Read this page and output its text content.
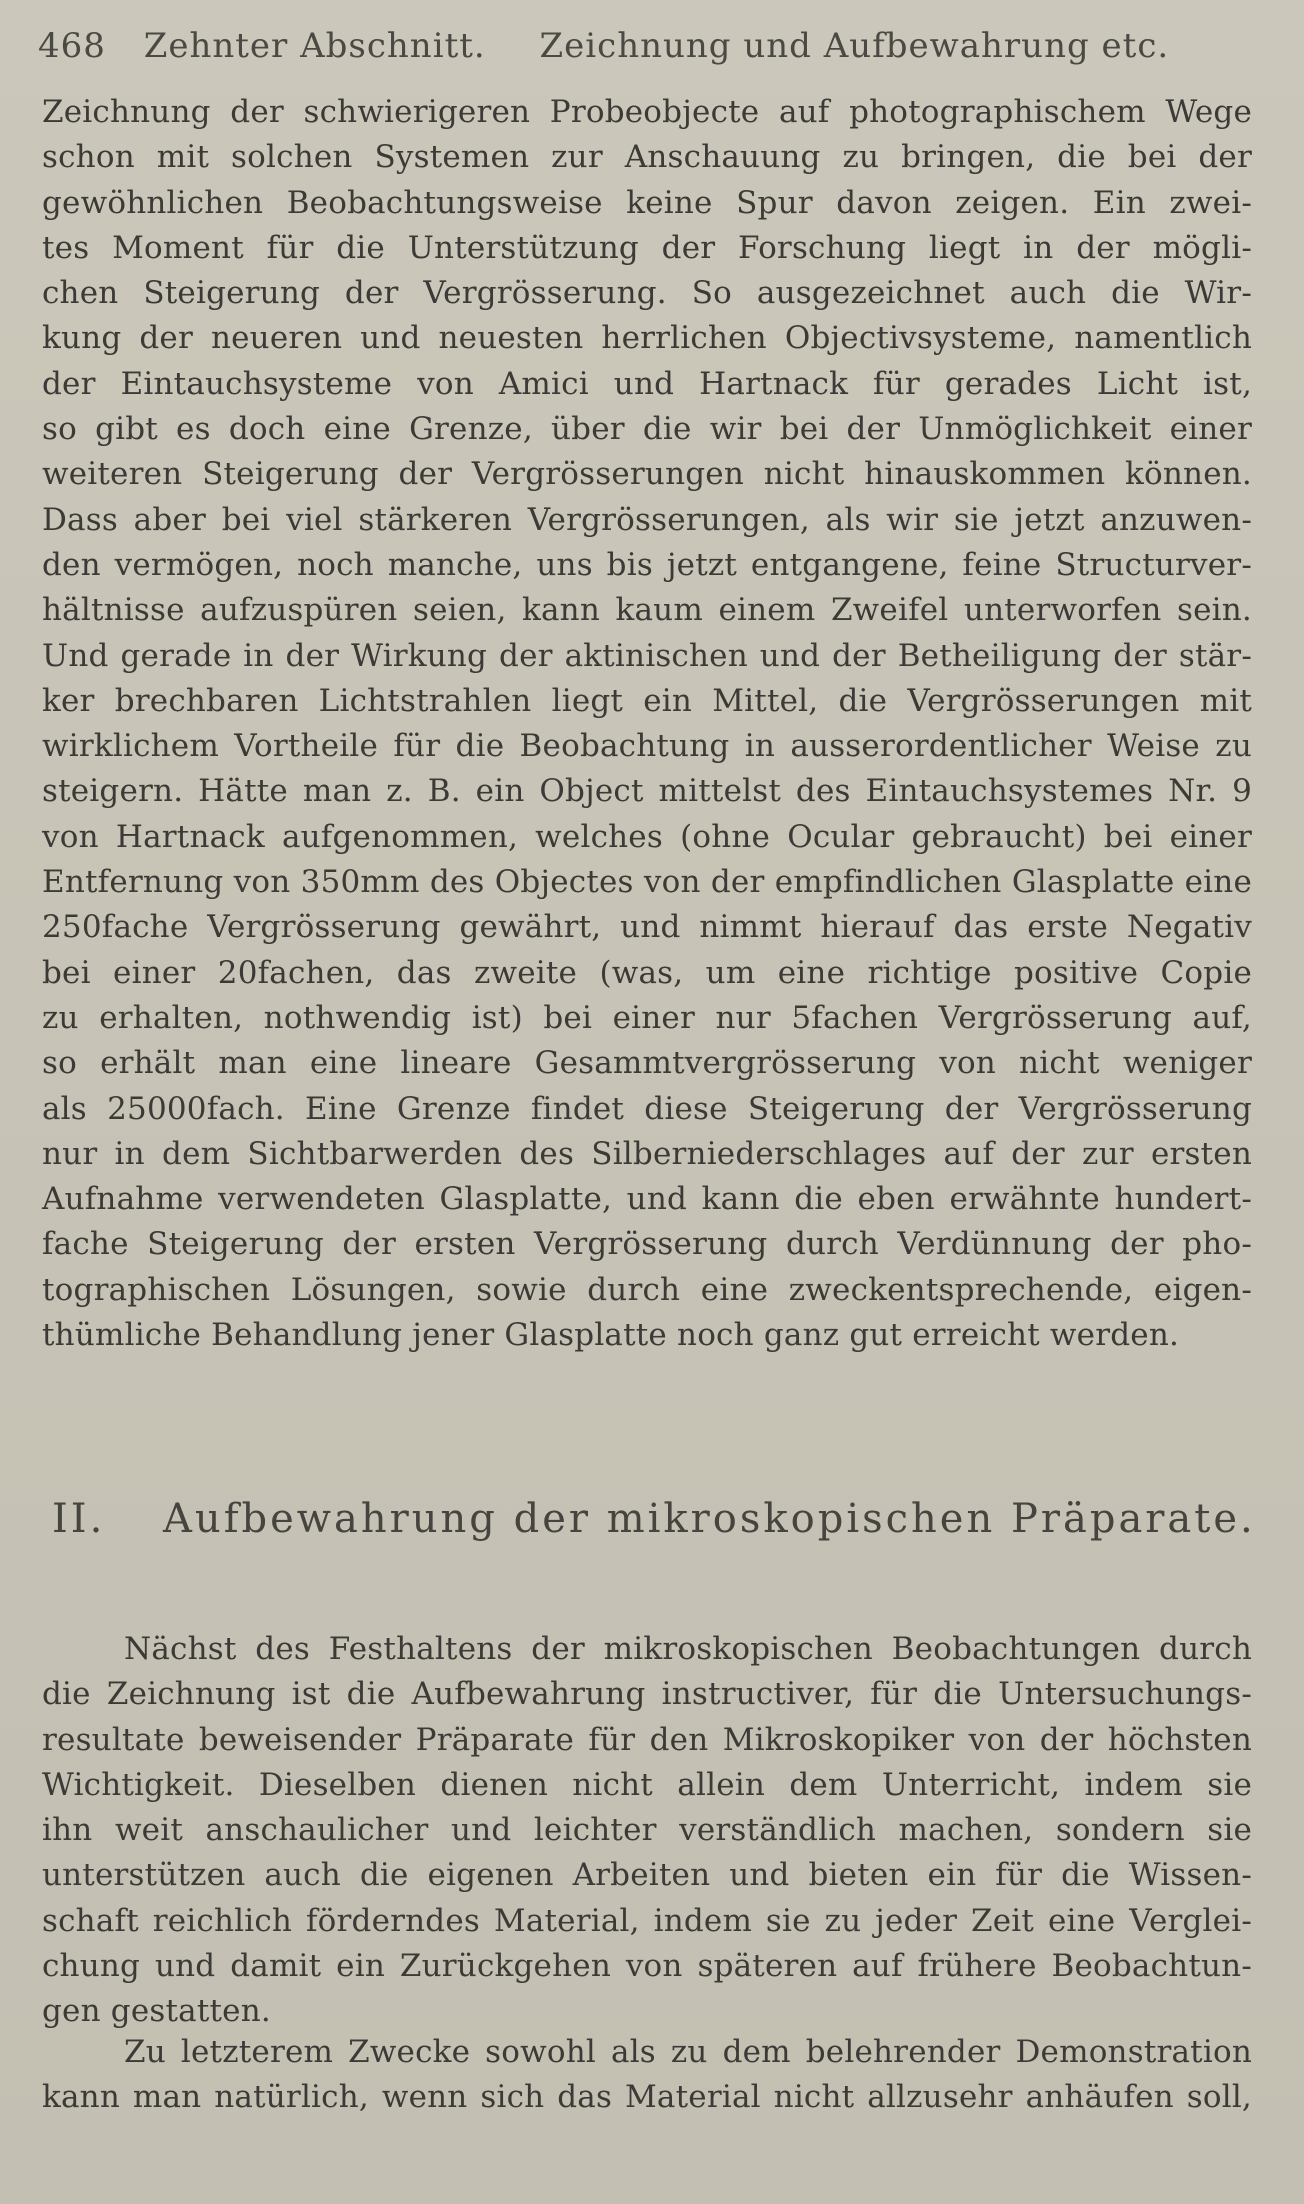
468 Zehnter Abschnitt. Zeichnung und Aufbewahrung etc.
Zeichnung der schwierigeren Probeobjecte auf photographischem Wege
schon mit solchen Systemen zur Anschauung zu bringen, die bei der
gewöhnlichen Beobachtungsweise keine Spur davon zeigen. Ein zwei-
tes Moment für die Unterstützung der Forschung liegt in der mögli-
chen Steigerung der Vergrösserung. So ausgezeichnet auch die Wir-
kung der neueren und neuesten herrlichen Objectivsysteme, namentlich
der Eintauchsysteme von Amici und Hartnack für gerades Licht ist,
so gibt es doch eine Grenze, über die wir bei der Unmöglichkeit einer
weiteren Steigerung der Vergrösserungen nicht hinauskommen können.
Dass aber bei viel stärkeren Vergrösserungen, als wir sie jetzt anzuwen-
den vermögen, noch manche, uns bis jetzt entgangene, feine Structurver-
hältnisse aufzuspüren seien, kann kaum einem Zweifel unterworfen sein.
Und gerade in der Wirkung der aktinischen und der Betheiligung der stär-
ker brechbaren Lichtstrahlen liegt ein Mittel, die Vergrösserungen mit
wirklichem Vortheile für die Beobachtung in ausserordentlicher Weise zu
steigern. Hätte man z. B. ein Object mittelst des Eintauchsystemes Nr. 9
von Hartnack aufgenommen, welches (ohne Ocular gebraucht) bei einer
Entfernung von 350mm des Objectes von der empfindlichen Glasplatte eine
250fache Vergrösserung gewährt, und nimmt hierauf das erste Negativ
bei einer 20fachen, das zweite (was, um eine richtige positive Copie
zu erhalten, nothwendig ist) bei einer nur 5fachen Vergrösserung auf,
so erhält man eine lineare Gesammtvergrösserung von nicht weniger
als 25000fach. Eine Grenze findet diese Steigerung der Vergrösserung
nur in dem Sichtbarwerden des Silberniederschlages auf der zur ersten
Aufnahme verwendeten Glasplatte, und kann die eben erwähnte hundert-
fache Steigerung der ersten Vergrösserung durch Verdünnung der pho-
tographischen Lösungen, sowie durch eine zweckentsprechende, eigen-
thümliche Behandlung jener Glasplatte noch ganz gut erreicht werden.
II. Aufbewahrung der mikroskopischen Präparate.
Nächst des Festhaltens der mikroskopischen Beobachtungen durch
die Zeichnung ist die Aufbewahrung instructiver, für die Untersuchungs-
resultate beweisender Präparate für den Mikroskopiker von der höchsten
Wichtigkeit. Dieselben dienen nicht allein dem Unterricht, indem sie
ihn weit anschaulicher und leichter verständlich machen, sondern sie
unterstützen auch die eigenen Arbeiten und bieten ein für die Wissen-
schaft reichlich förderndes Material, indem sie zu jeder Zeit eine Verglei-
chung und damit ein Zurückgehen von späteren auf frühere Beobachtun-
gen gestatten.
Zu letzterem Zwecke sowohl als zu dem belehrender Demonstration
kann man natürlich, wenn sich das Material nicht allzusehr anhäufen soll,
